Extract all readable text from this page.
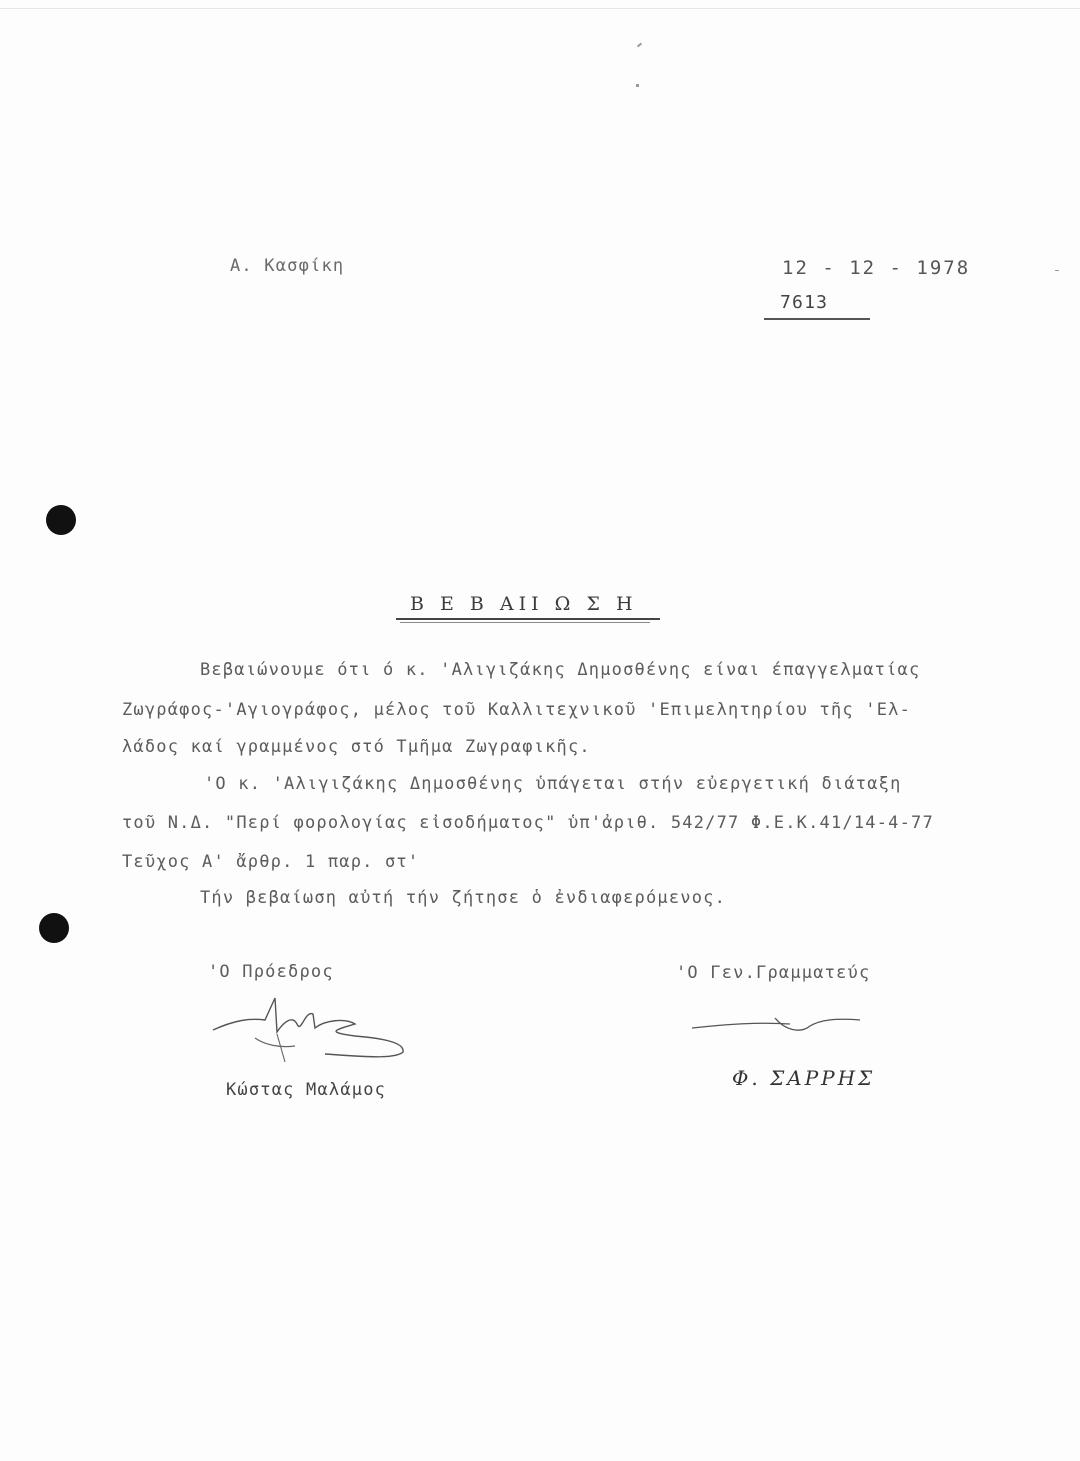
Α. Κασφίκη	12 - 12 - 1978
7613
Β Ε Β ΑΙΙ Ω Σ Η
Βεβαιώνουμε ότι ό κ. 'Αλιγιζάκης Δημοσθένης είναι έπαγγελματίας
Ζωγράφος-'Αγιογράφος, μέλος τοῦ Καλλιτεχνικοῦ 'Επιμελητηρίου τῆς 'Ελ-
λάδος καί γραμμένος στό Τμῆμα Ζωγραφικῆς.
'Ο κ. 'Αλιγιζάκης Δημοσθένης ὑπάγεται στήν εὐεργετική διάταξη
τοῦ Ν.Δ. "Περί φορολογίας εἰσοδήματος" ὑπ'ἀριθ. 542/77 Φ.Ε.Κ.41/14-4-77
Τεῦχος Α' ἄρθρ. 1 παρ. στ'
Τήν βεβαίωση αὐτή τήν ζήτησε ὁ ἐνδιαφερόμενος.
'Ο Πρόεδρος	'Ο Γεν.Γραμματεύς
Κώστας Μαλάμος	Φ. ΣΑΡΡΗΣ
